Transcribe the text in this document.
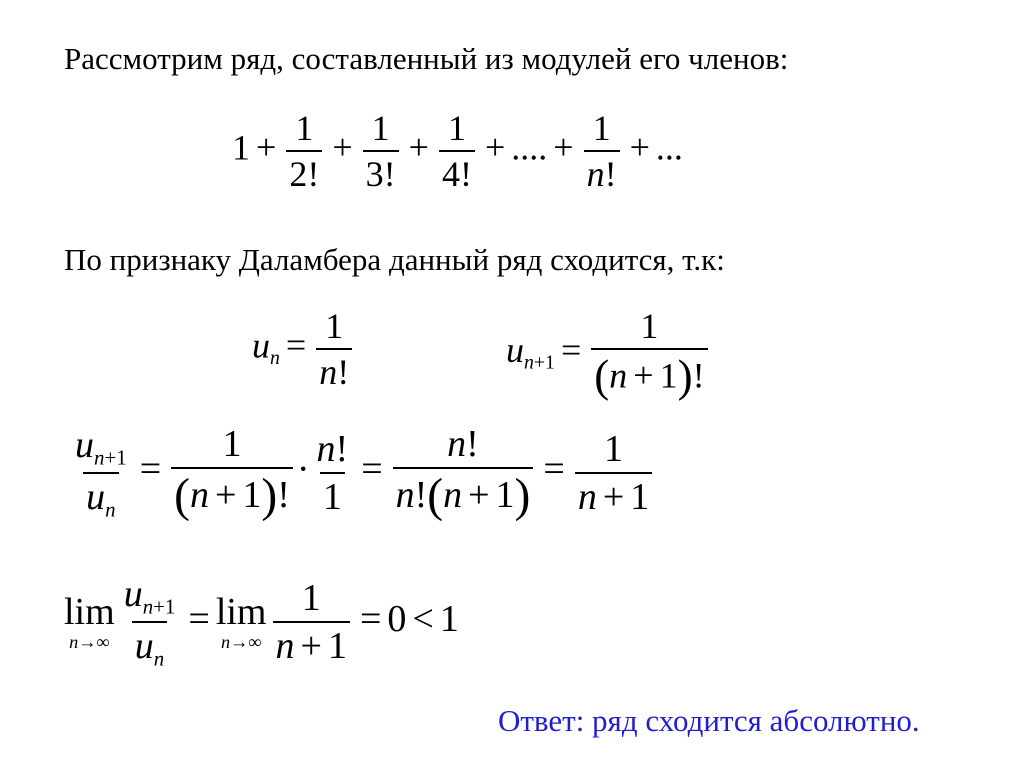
Рассмотрим ряд, составленный из модулей его членов:
$1 + \frac{1}{2!} + \frac{1}{3!} + \frac{1}{4!}$ + .... + $\frac{1}{n!}$ + ...
По признаку Даламбера данный ряд сходится, т.к:
$u_n = \frac{1}{n!}$	$u_{n+1} = \frac{1}{(n + 1)!}$
$\frac{u_{n+1}}{u_n} = \frac{1}{(n + 1)!} \cdot \frac{n!}{1} = \frac{n!}{n!(n + 1)} = \frac{1}{n + 1}$
lim
$n\to\infty \frac{u_{n+1}}{u_n} = \lim$
$n\to\infty \frac{1}{n + 1} = 0 < 1$
Ответ: ряд сходится абсолютно.
